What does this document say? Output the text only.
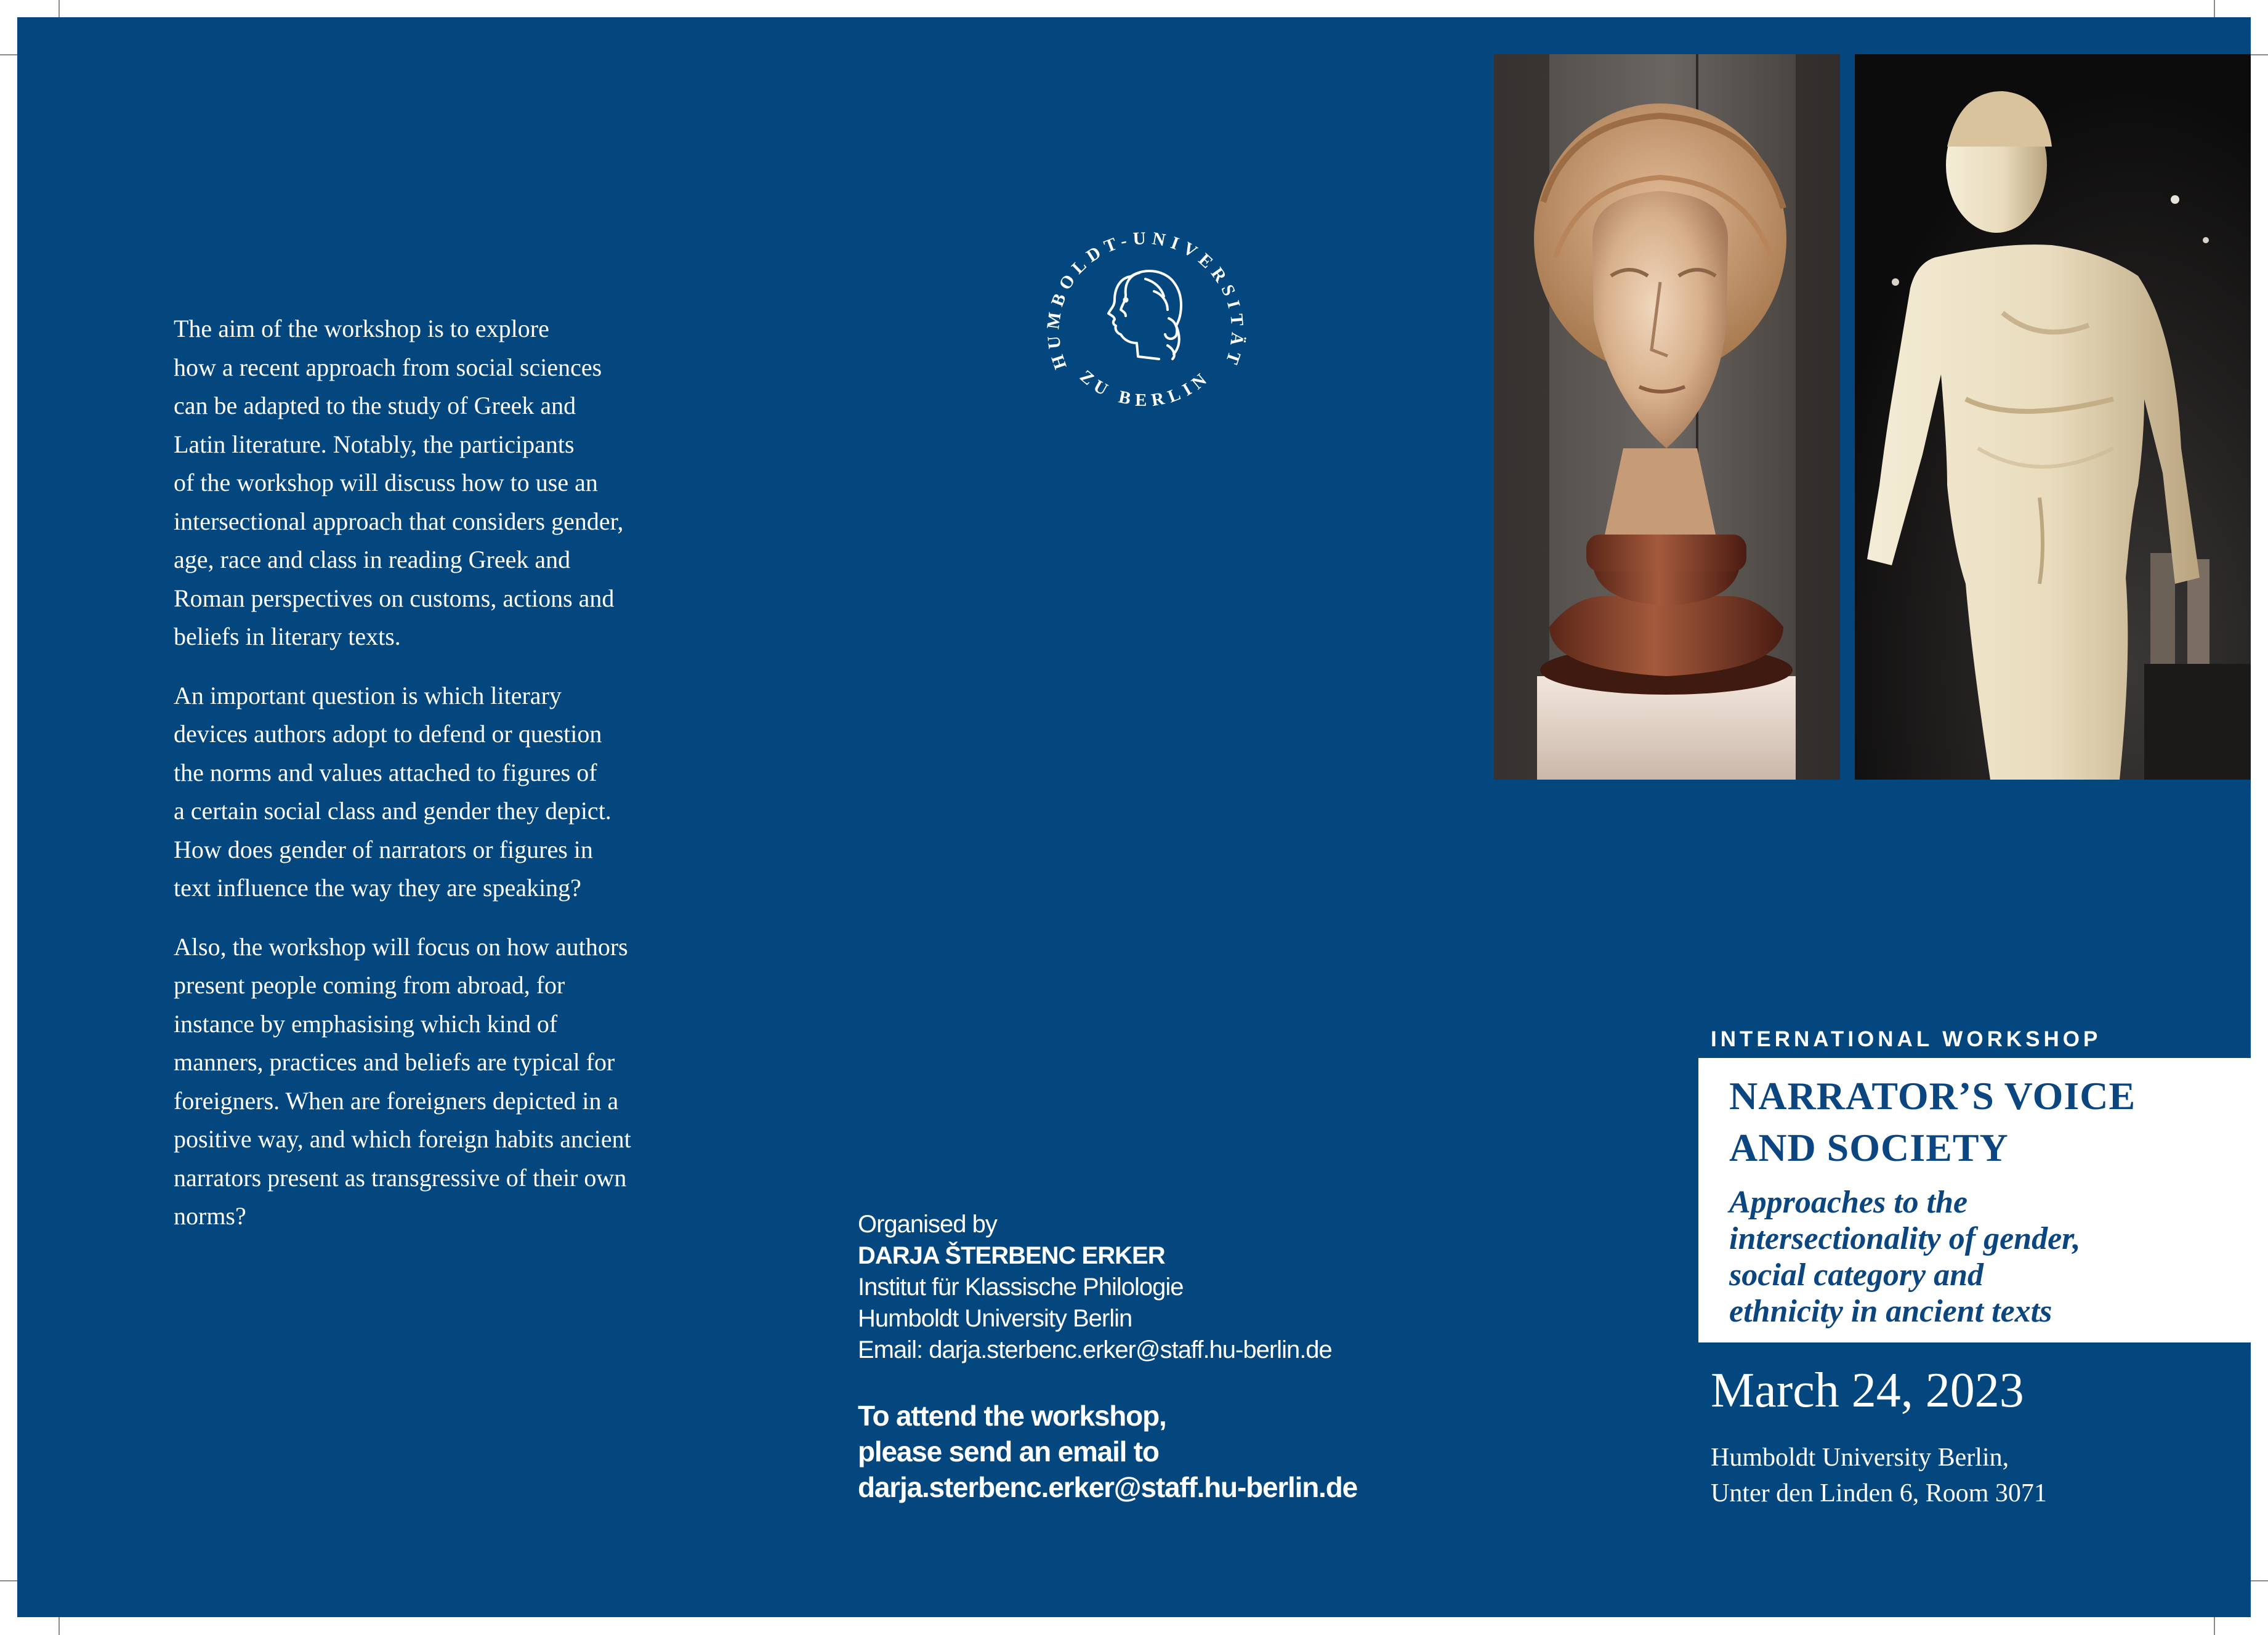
The aim of the workshop is to explore
how a recent approach from social sciences
can be adapted to the study of Greek and
Latin literature. Notably, the participants
of the workshop will discuss how to use an
intersectional approach that considers gender,
age, race and class in reading Greek and
Roman perspectives on customs, actions and
beliefs in literary texts.

An important question is which literary
devices authors adopt to defend or question
the norms and values attached to figures of
a certain social class and gender they depict.
How does gender of narrators or figures in
text influence the way they are speaking?

Also, the workshop will focus on how authors
present people coming from abroad, for
instance by emphasising which kind of
manners, practices and beliefs are typical for
foreigners. When are foreigners depicted in a
positive way, and which foreign habits ancient
narrators present as transgressive of their own
norms?

HUMBOLDT-UNIVERSITÄT
ZU BERLIN
Organised by
DARJA ŠTERBENC ERKER
Institut für Klassische Philologie
Humboldt University Berlin
Email: darja.sterbenc.erker@staff.hu-berlin.de
To attend the workshop,
please send an email to
darja.sterbenc.erker@staff.hu-berlin.de
INTERNATIONAL WORKSHOP
NARRATOR’S VOICE
AND SOCIETY
Approaches to the
intersectionality of gender,
social category and
ethnicity in ancient texts
March 24, 2023
Humboldt University Berlin,
Unter den Linden 6, Room 3071
